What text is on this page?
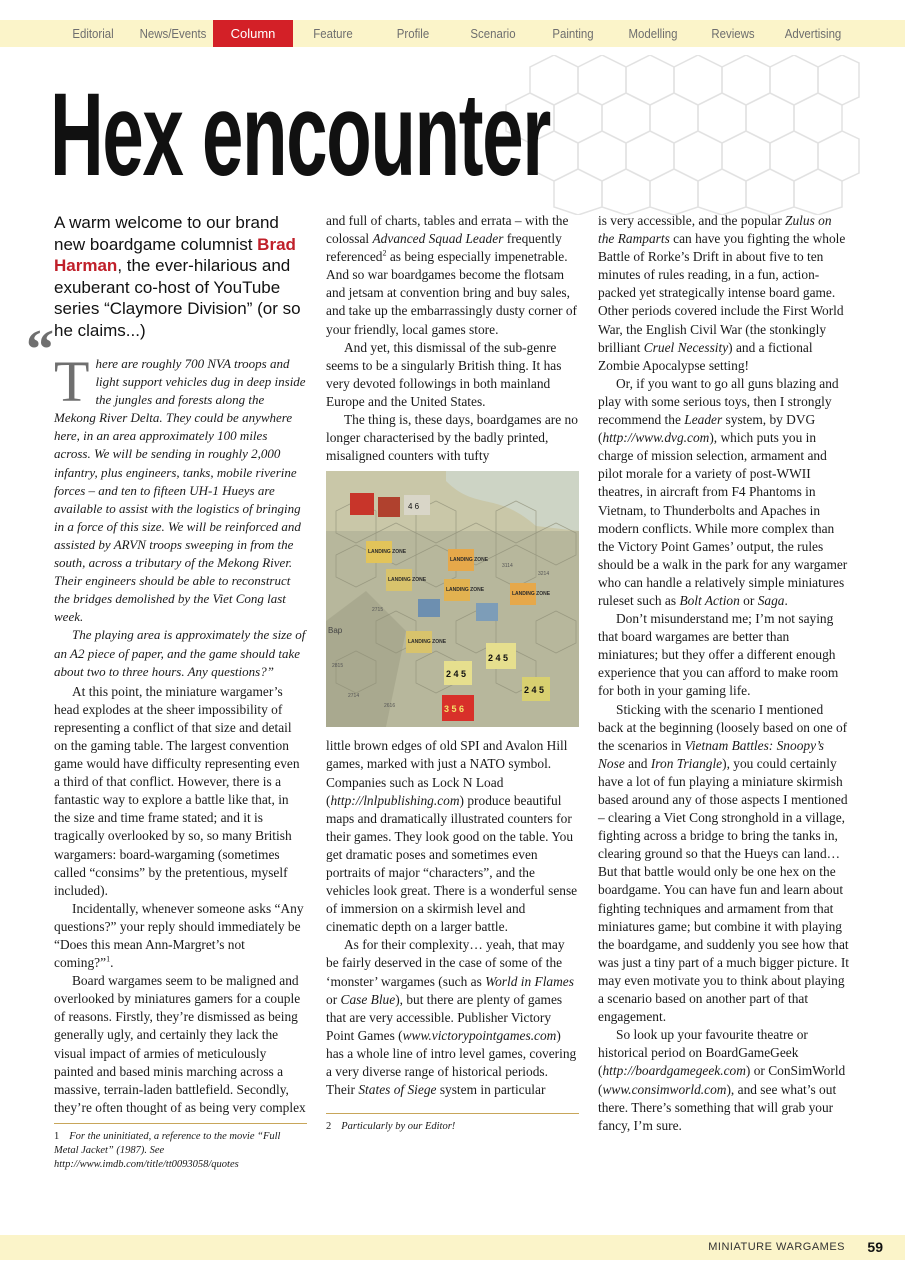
Editorial	News/Events	Column	Feature	Profile	Scenario	Painting	Modelling	Reviews	Advertising
Hex encounter
A warm welcome to our brand new boardgame columnist Brad Harman, the ever-hilarious and exuberant co-host of YouTube series “Claymore Division” (or so he claims...)
“ T here are roughly 700 NVA troops and light support vehicles dug in deep inside the jungles and forests along the Mekong River Delta. They could be anywhere here, in an area approximately 100 miles across. We will be sending in roughly 2,000 infantry, plus engineers, tanks, mobile riverine forces – and ten to fifteen UH-1 Hueys are available to assist with the logistics of bringing in a force of this size. We will be reinforced and assisted by ARVN troops sweeping in from the south, across a tributary of the Mekong River. Their engineers should be able to reconstruct the bridges demolished by the Viet Cong last week.

The playing area is approximately the size of an A2 piece of paper, and the game should take about two to three hours. Any questions?”

At this point, the miniature wargamer’s head explodes at the sheer impossibility of representing a conflict of that size and detail on the gaming table. The largest convention game would have difficulty representing even a third of that conflict. However, there is a fantastic way to explore a battle like that, in the size and time frame stated; and it is tragically overlooked by so, so many British wargamers: board-wargaming (sometimes called “consims” by the pretentious, myself included).

Incidentally, whenever someone asks “Any questions?” your reply should immediately be “Does this mean Ann-Margret’s not coming?”$^1$.

Board wargames seem to be maligned and overlooked by miniatures gamers for a couple of reasons. Firstly, they’re dismissed as being generally ugly, and certainly they lack the visual impact of armies of meticulously painted and based minis marching across a massive, terrain-laden battlefield. Secondly, they’re often thought of as being very complex

1 For the uninitiated, a reference to the movie “Full Metal Jacket” (1987). See http://www.imdb.com/title/tt0093058/quotes

and full of charts, tables and errata – with the colossal Advanced Squad Leader frequently referenced$^2$ as being especially impenetrable. And so war boardgames become the flotsam and jetsam at convention bring and buy sales, and take up the embarrassingly dusty corner of your friendly, local games store.

And yet, this dismissal of the sub-genre seems to be a singularly British thing. It has very devoted followings in both mainland Europe and the United States.

The thing is, these days, boardgames are no longer characterised by the badly printed, misaligned counters with tufty

4 6
LANDING ZONE
LANDING ZONE
LANDING ZONE
LANDING ZONE
LANDING ZONE
LANDING ZONE
2 4 5
2 4 5
3 5 6
2 4 5
2715
2815
2714
3114
3214
2616
Bap

little brown edges of old SPI and Avalon Hill games, marked with just a NATO symbol. Companies such as Lock N Load (http://lnlpublishing.com) produce beautiful maps and dramatically illustrated counters for their games. They look good on the table. You get dramatic poses and sometimes even portraits of major “characters”, and the vehicles look great. There is a wonderful sense of immersion on a skirmish level and cinematic depth on a larger battle.

As for their complexity… yeah, that may be fairly deserved in the case of some of the ‘monster’ wargames (such as World in Flames or Case Blue), but there are plenty of games that are very accessible. Publisher Victory Point Games (www.victorypointgames.com) has a whole line of intro level games, covering a very diverse range of historical periods. Their States of Siege system in particular

2 Particularly by our Editor!

is very accessible, and the popular Zulus on the Ramparts can have you fighting the whole Battle of Rorke’s Drift in about five to ten minutes of rules reading, in a fun, action-packed yet strategically intense board game. Other periods covered include the First World War, the English Civil War (the stonkingly brilliant Cruel Necessity) and a fictional Zombie Apocalypse setting!

Or, if you want to go all guns blazing and play with some serious toys, then I strongly recommend the Leader system, by DVG (http://www.dvg.com), which puts you in charge of mission selection, armament and pilot morale for a variety of post-WWII theatres, in aircraft from F4 Phantoms in Vietnam, to Thunderbolts and Apaches in modern conflicts. While more complex than the Victory Point Games’ output, the rules should be a walk in the park for any wargamer who can handle a relatively simple miniatures ruleset such as Bolt Action or Saga.

Don’t misunderstand me; I’m not saying that board wargames are better than miniatures; but they offer a different enough experience that you can afford to make room for both in your gaming life.

Sticking with the scenario I mentioned back at the beginning (loosely based on one of the scenarios in Vietnam Battles: Snoopy’s Nose and Iron Triangle), you could certainly have a lot of fun playing a miniature skirmish based around any of those aspects I mentioned – clearing a Viet Cong stronghold in a village, fighting across a bridge to bring the tanks in, clearing ground so that the Hueys can land… But that battle would only be one hex on the boardgame. You can have fun and learn about fighting techniques and armament from that miniatures game; but combine it with playing the boardgame, and suddenly you see how that was just a tiny part of a much bigger picture. It may even motivate you to think about playing a scenario based on another part of that engagement.

So look up your favourite theatre or historical period on BoardGameGeek (http://boardgamegeek.com) or ConSimWorld (www.consimworld.com), and see what’s out there. There’s something that will grab your fancy, I’m sure.

MINIATURE WARGAMES 59
